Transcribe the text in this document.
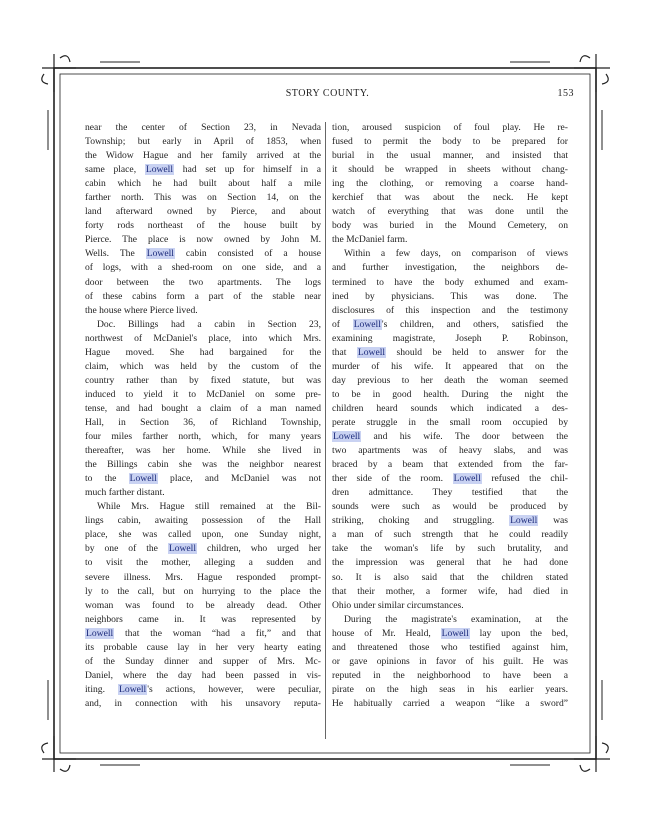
STORY COUNTY.	153
near the center of Section 23, in Nevada
Township; but early in April of 1853, when
the Widow Hague and her family arrived at the
same place, Lowell had set up for himself in a
cabin which he had built about half a mile
farther north. This was on Section 14, on the
land afterward owned by Pierce, and about
forty rods northeast of the house built by
Pierce. The place is now owned by John M.
Wells. The Lowell cabin consisted of a house
of logs, with a shed-room on one side, and a
door between the two apartments. The logs
of these cabins form a part of the stable near
the house where Pierce lived.
Doc. Billings had a cabin in Section 23,
northwest of McDaniel's place, into which Mrs.
Hague moved. She had bargained for the
claim, which was held by the custom of the
country rather than by fixed statute, but was
induced to yield it to McDaniel on some pre-
tense, and had bought a claim of a man named
Hall, in Section 36, of Richland Township,
four miles farther north, which, for many years
thereafter, was her home. While she lived in
the Billings cabin she was the neighbor nearest
to the Lowell place, and McDaniel was not
much farther distant.
While Mrs. Hague still remained at the Bil-
lings cabin, awaiting possession of the Hall
place, she was called upon, one Sunday night,
by one of the Lowell children, who urged her
to visit the mother, alleging a sudden and
severe illness. Mrs. Hague responded prompt-
ly to the call, but on hurrying to the place the
woman was found to be already dead. Other
neighbors came in. It was represented by
Lowell that the woman “had a fit,” and that
its probable cause lay in her very hearty eating
of the Sunday dinner and supper of Mrs. Mc-
Daniel, where the day had been passed in vis-
iting. Lowell's actions, however, were peculiar,
and, in connection with his unsavory reputa-
tion, aroused suspicion of foul play. He re-
fused to permit the body to be prepared for
burial in the usual manner, and insisted that
it should be wrapped in sheets without chang-
ing the clothing, or removing a coarse hand-
kerchief that was about the neck. He kept
watch of everything that was done until the
body was buried in the Mound Cemetery, on
the McDaniel farm.
Within a few days, on comparison of views
and further investigation, the neighbors de-
termined to have the body exhumed and exam-
ined by physicians. This was done. The
disclosures of this inspection and the testimony
of Lowell's children, and others, satisfied the
examining magistrate, Joseph P. Robinson,
that Lowell should be held to answer for the
murder of his wife. It appeared that on the
day previous to her death the woman seemed
to be in good health. During the night the
children heard sounds which indicated a des-
perate struggle in the small room occupied by
Lowell and his wife. The door between the
two apartments was of heavy slabs, and was
braced by a beam that extended from the far-
ther side of the room. Lowell refused the chil-
dren admittance. They testified that the
sounds were such as would be produced by
striking, choking and struggling. Lowell was
a man of such strength that he could readily
take the woman's life by such brutality, and
the impression was general that he had done
so. It is also said that the children stated
that their mother, a former wife, had died in
Ohio under similar circumstances.
During the magistrate's examination, at the
house of Mr. Heald, Lowell lay upon the bed,
and threatened those who testified against him,
or gave opinions in favor of his guilt. He was
reputed in the neighborhood to have been a
pirate on the high seas in his earlier years.
He habitually carried a weapon “like a sword”
